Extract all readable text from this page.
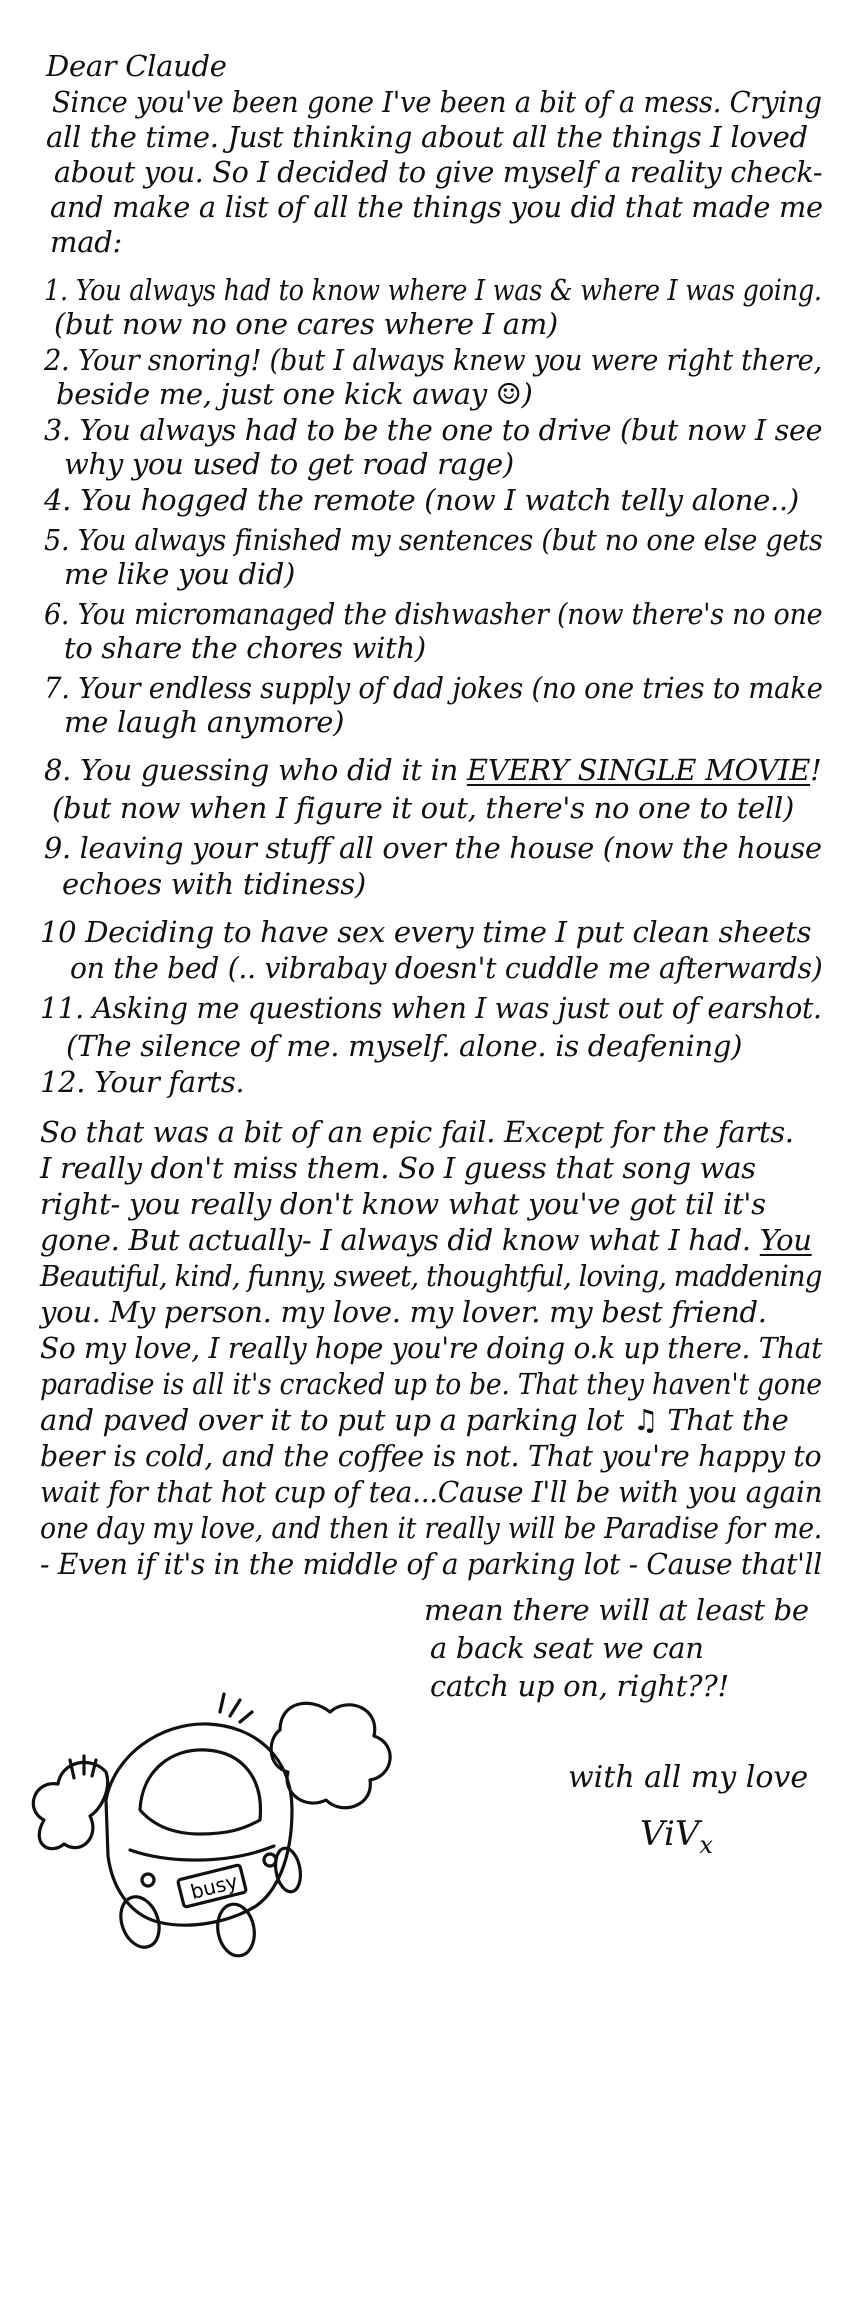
Dear Claude
Since you've been gone I've been a bit of a mess. Crying
all the time. Just thinking about all the things I loved
about you. So I decided to give myself a reality check-
and make a list of all the things you did that made me
mad:
1. You always had to know where I was & where I was going.
(but now no one cares where I am)
2. Your snoring! (but I always knew you were right there,
beside me, just one kick away ☺)
3. You always had to be the one to drive (but now I see
why you used to get road rage)
4. You hogged the remote (now I watch telly alone..)
5. You always finished my sentences (but no one else gets
me like you did)
6. You micromanaged the dishwasher (now there's no one
to share the chores with)
7. Your endless supply of dad jokes (no one tries to make
me laugh anymore)
8. You guessing who did it in EVERY SINGLE MOVIE!
(but now when I figure it out, there's no one to tell)
9. leaving your stuff all over the house (now the house
echoes with tidiness)
10 Deciding to have sex every time I put clean sheets
on the bed (.. vibrabay doesn't cuddle me afterwards)
11. Asking me questions when I was just out of earshot.
(The silence of me. myself. alone. is deafening)
12. Your farts.
So that was a bit of an epic fail. Except for the farts.
I really don't miss them. So I guess that song was
right- you really don't know what you've got til it's
gone. But actually- I always did know what I had. You
Beautiful, kind, funny, sweet, thoughtful, loving, maddening
you. My person. my love. my lover. my best friend.
So my love, I really hope you're doing o.k up there. That
paradise is all it's cracked up to be. That they haven't gone
and paved over it to put up a parking lot ♫ That the
beer is cold, and the coffee is not. That you're happy to
wait for that hot cup of tea...Cause I'll be with you again
one day my love, and then it really will be Paradise for me.
- Even if it's in the middle of a parking lot - Cause that'll
mean there will at least be
a back seat we can
catch up on, right??!
busy
with all my love
ViV$_x$
